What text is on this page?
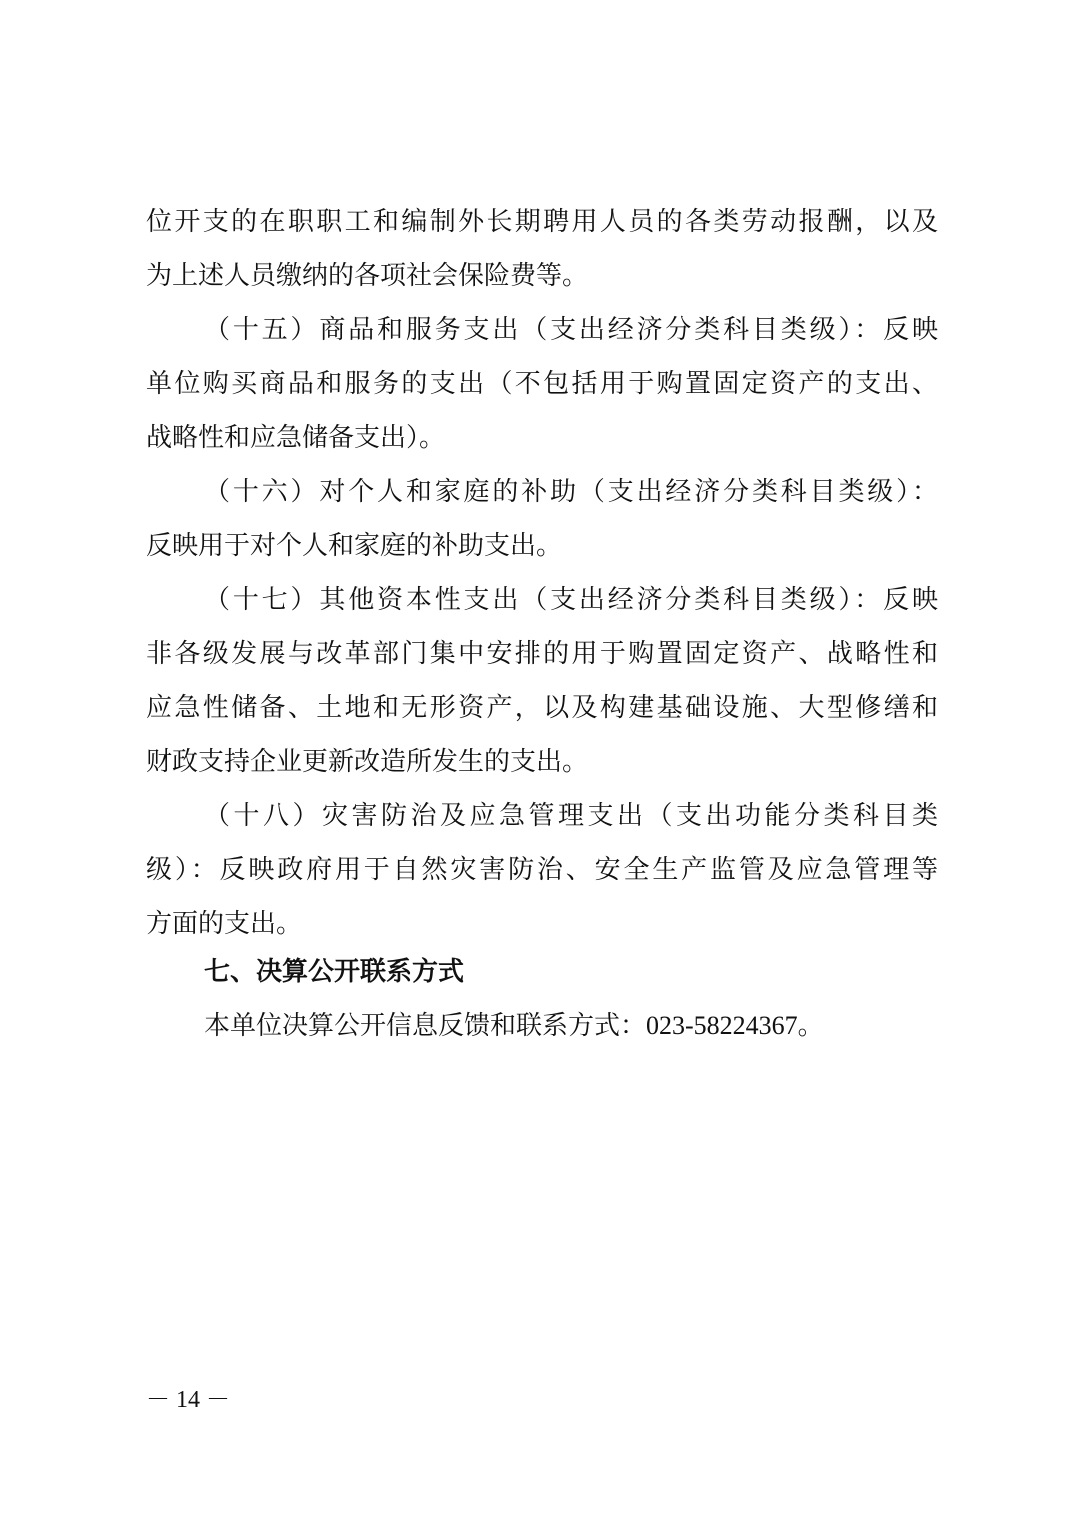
位开支的在职职工和编制外长期聘用人员的各类劳动报酬，以及
为上述人员缴纳的各项社会保险费等。
（十五）商品和服务支出（支出经济分类科目类级）：反映
单位购买商品和服务的支出（不包括用于购置固定资产的支出、
战略性和应急储备支出）。
（十六）对个人和家庭的补助（支出经济分类科目类级）：
反映用于对个人和家庭的补助支出。
（十七）其他资本性支出（支出经济分类科目类级）：反映
非各级发展与改革部门集中安排的用于购置固定资产、战略性和
应急性储备、土地和无形资产，以及构建基础设施、大型修缮和
财政支持企业更新改造所发生的支出。
（十八）灾害防治及应急管理支出（支出功能分类科目类
级）：反映政府用于自然灾害防治、安全生产监管及应急管理等
方面的支出。
七、决算公开联系方式
本单位决算公开信息反馈和联系方式：023-58224367。
－ 14 －
